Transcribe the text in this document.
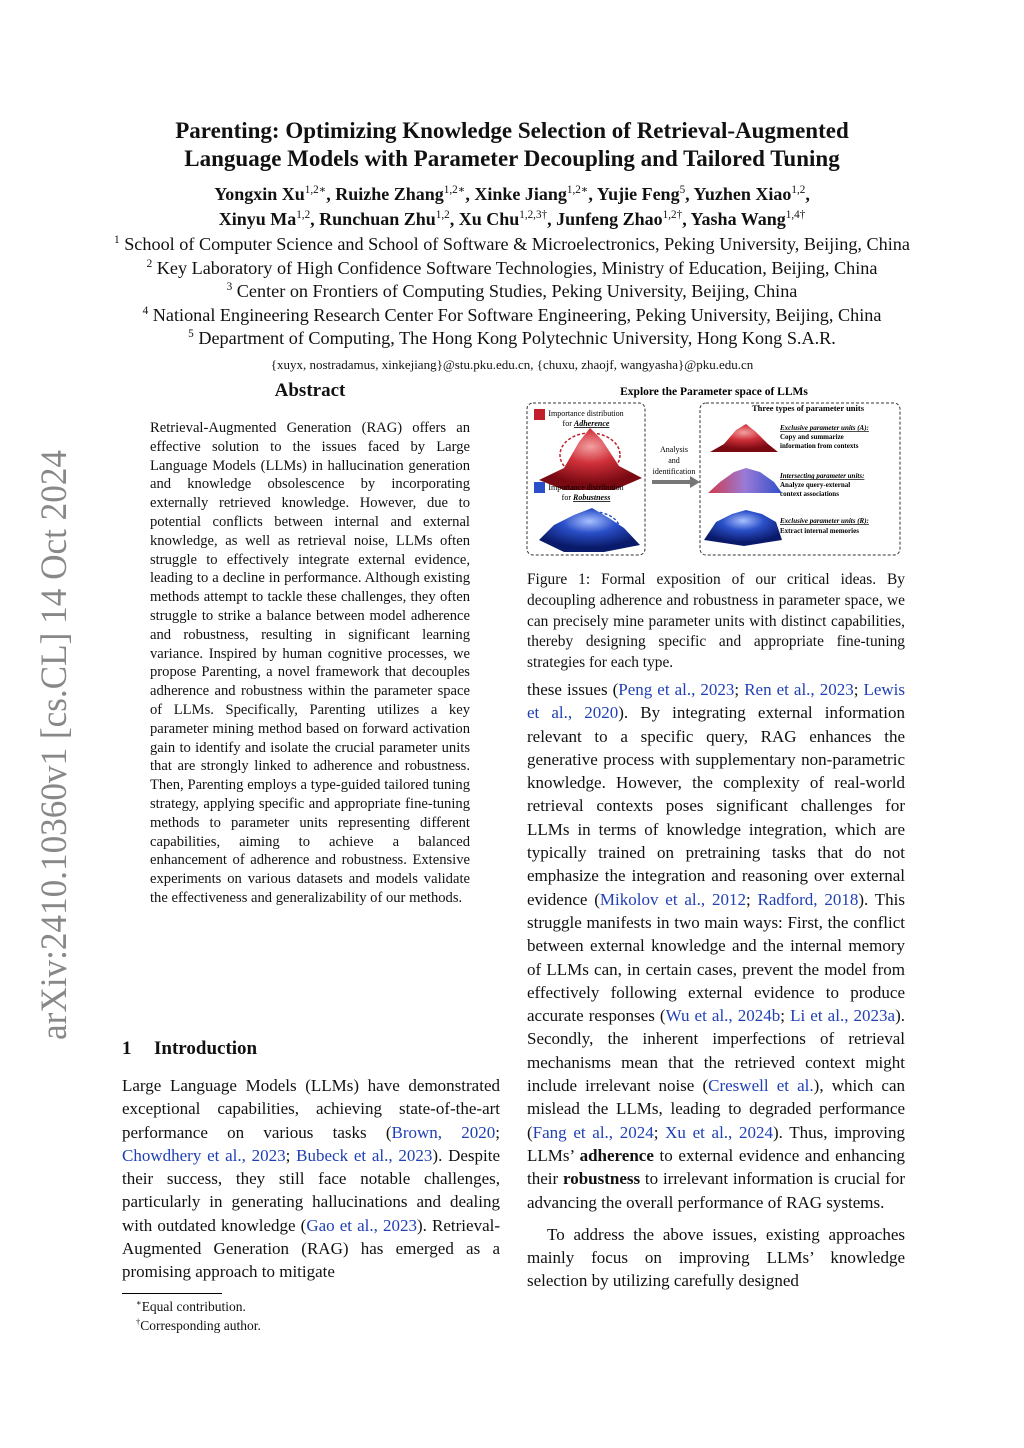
arXiv:2410.10360v1 [cs.CL] 14 Oct 2024
Parenting: Optimizing Knowledge Selection of Retrieval-Augmented
Language Models with Parameter Decoupling and Tailored Tuning
Yongxin $Xu^{1,2∗}$, Ruizhe Zhang$^{1,2∗}$, Xinke Jiang$^{1,2∗}$, Yujie Feng$^5$, Yuzhen Xiao$^{1,2}$,
Xinyu Ma$^{1,2}$, Runchuan Zhu$^{1,2}$, Xu Chu$^{1,2,3\dagger}$, Junfeng Zhao$^{1,2\dagger}$, Yasha Wang$^{1,4\dagger}$
$^1$ School of Computer Science and School of Software & Microelectronics, Peking University, Beijing, China
$^2$ Key Laboratory of High Confidence Software Technologies, Ministry of Education, Beijing, China
$^3$ Center on Frontiers of Computing Studies, Peking University, Beijing, China
$^4$ National Engineering Research Center For Software Engineering, Peking University, Beijing, China
$^5$ Department of Computing, The Hong Kong Polytechnic University, Hong Kong S.A.R.
{xuyx, nostradamus, xinkejiang}@stu.pku.edu.cn, {chuxu, zhaojf, wangyasha}@pku.edu.cn
Abstract
Retrieval-Augmented Generation (RAG) offers an effective solution to the issues faced by Large Language Models (LLMs) in hallucination generation and knowledge obsolescence by incorporating externally retrieved knowledge. However, due to potential conflicts between internal and external knowledge, as well as retrieval noise, LLMs often struggle to effectively integrate external evidence, leading to a decline in performance. Although existing methods attempt to tackle these challenges, they often struggle to strike a balance between model adherence and robustness, resulting in significant learning variance. Inspired by human cognitive processes, we propose Parenting, a novel framework that decouples adherence and robustness within the parameter space of LLMs. Specifically, Parenting utilizes a key parameter mining method based on forward activation gain to identify and isolate the crucial parameter units that are strongly linked to adherence and robustness. Then, Parenting employs a type-guided tailored tuning strategy, applying specific and appropriate fine-tuning methods to parameter units representing different capabilities, aiming to achieve a balanced enhancement of adherence and robustness. Extensive experiments on various datasets and models validate the effectiveness and generalizability of our methods.
1 Introduction
Large Language Models (LLMs) have demonstrated exceptional capabilities, achieving state-of-the-art performance on various tasks (Brown, 2020; Chowdhery et al., 2023; Bubeck et al., 2023). Despite their success, they still face notable challenges, particularly in generating hallucinations and dealing with outdated knowledge (Gao et al., 2023). Retrieval-Augmented Generation (RAG) has emerged as a promising approach to mitigate
∗Equal contribution.
†Corresponding author.
Explore the Parameter space of LLMs
Importance distribution
for Adherence
Importance distribution
for Robustness
Analysis
and
identification
Three types of parameter units
Exclusive parameter units (A):
Copy and summarize
information from contexts
Intersecting parameter units:
Analyze query-external
context associations
Exclusive parameter units (R):
Extract internal memories
Figure 1: Formal exposition of our critical ideas. By decoupling adherence and robustness in parameter space, we can precisely mine parameter units with distinct capabilities, thereby designing specific and appropriate fine-tuning strategies for each type.

these issues (Peng et al., 2023; Ren et al., 2023; Lewis et al., 2020). By integrating external information relevant to a specific query, RAG enhances the generative process with supplementary non-parametric knowledge. However, the complexity of real-world retrieval contexts poses significant challenges for LLMs in terms of knowledge integration, which are typically trained on pretraining tasks that do not emphasize the integration and reasoning over external evidence (Mikolov et al., 2012; Radford, 2018). This struggle manifests in two main ways: First, the conflict between external knowledge and the internal memory of LLMs can, in certain cases, prevent the model from effectively following external evidence to produce accurate responses (Wu et al., 2024b; Li et al., 2023a). Secondly, the inherent imperfections of retrieval mechanisms mean that the retrieved context might include irrelevant noise (Creswell et al.), which can mislead the LLMs, leading to degraded performance (Fang et al., 2024; Xu et al., 2024). Thus, improving LLMs’ adherence to external evidence and enhancing their robustness to irrelevant information is crucial for advancing the overall performance of RAG systems.

To address the above issues, existing approaches mainly focus on improving LLMs’ knowledge selection by utilizing carefully designed
